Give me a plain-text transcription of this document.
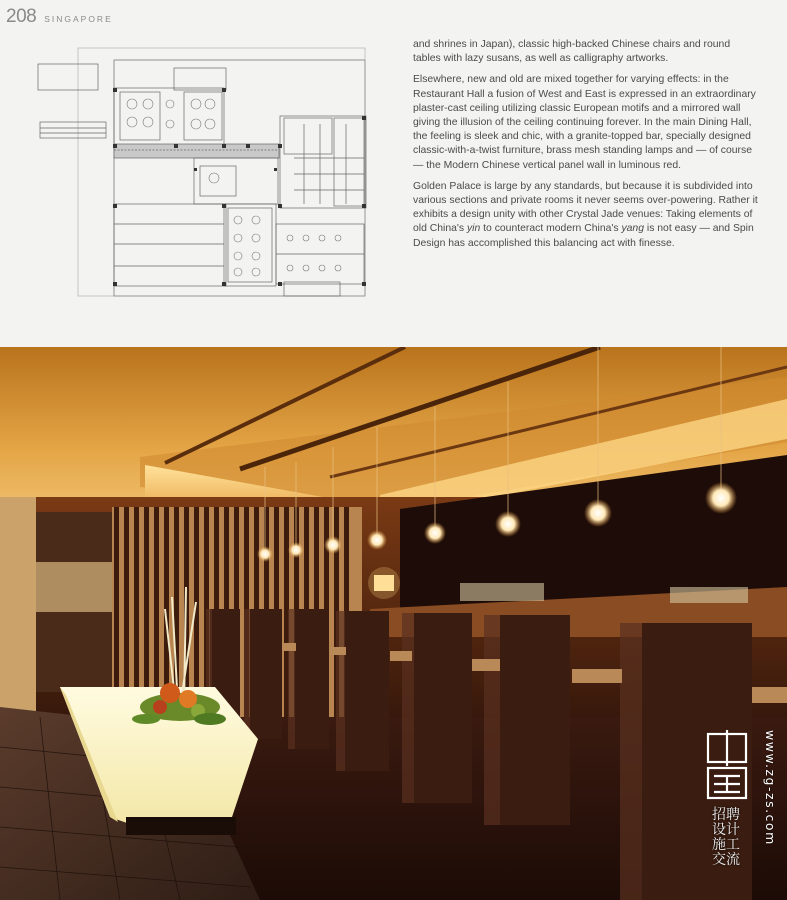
208 SINGAPORE

and shrines in Japan), classic high-backed Chinese chairs and round tables with lazy susans, as well as calligraphy artworks.

Elsewhere, new and old are mixed together for varying effects: in the Restaurant Hall a fusion of West and East is expressed in an extraordinary plaster-cast ceiling utilizing classic European motifs and a mirrored wall giving the illusion of the ceiling continuing forever. In the main Dining Hall, the feeling is sleek and chic, with a granite-topped bar, specially designed classic-with-a-twist furniture, brass mesh standing lamps and — of course — the Modern Chinese vertical panel wall in luminous red.

Golden Palace is large by any standards, but because it is subdivided into various sections and private rooms it never seems over-powering. Rather it exhibits a design unity with other Crystal Jade venues: Taking elements of old China's yin to counteract modern China's yang is not easy — and Spin Design has accomplished this balancing act with finesse.

中国	www.zg-zs.com
招聘设计施工交流
